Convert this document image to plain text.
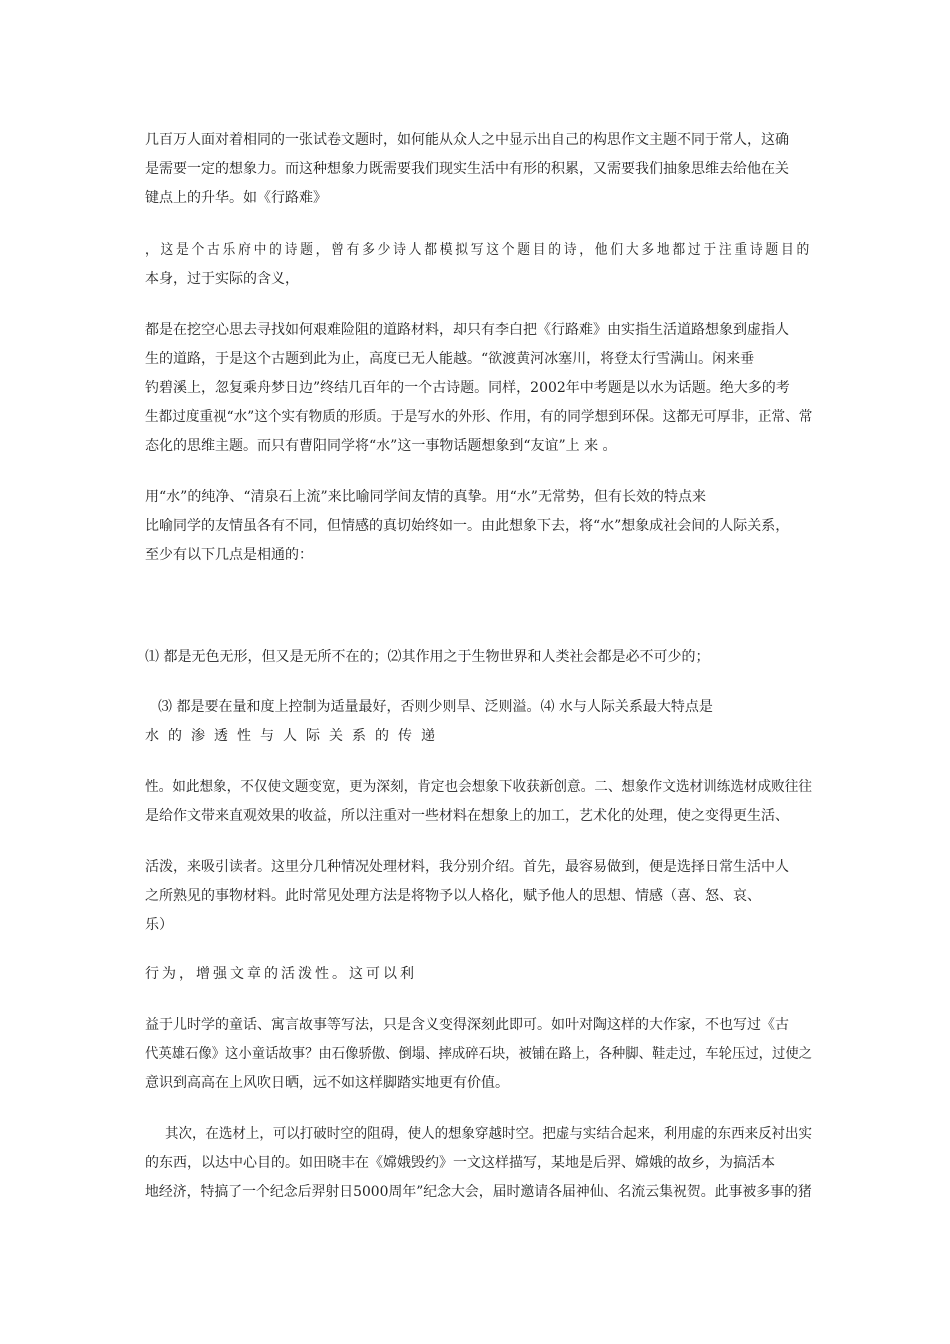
几百万人面对着相同的一张试卷文题时，如何能从众人之中显示出自己的构思作文主题不同于常人，这确
是需要一定的想象力。而这种想象力既需要我们现实生活中有形的积累，又需要我们抽象思维去给他在关
键点上的升华。如《行路难》
，这是个古乐府中的诗题，曾有多少诗人都模拟写这个题目的诗，他们大多地都过于注重诗题目的
本身，过于实际的含义，
都是在挖空心思去寻找如何艰难险阻的道路材料，却只有李白把《行路难》由实指生活道路想象到虚指人
生的道路，于是这个古题到此为止，高度已无人能越。“欲渡黄河冰塞川，将登太行雪满山。闲来垂
钓碧溪上，忽复乘舟梦日边”终结几百年的一个古诗题。同样，2002年中考题是以水为话题。绝大多的考
生都过度重视“水”这个实有物质的形质。于是写水的外形、作用，有的同学想到环保。这都无可厚非，正常、常
态化的思维主题。而只有曹阳同学将“水”这一事物话题想象到“友谊”上 来 。
用“水”的纯净、“清泉石上流”来比喻同学间友情的真挚。用“水”无常势，但有长效的特点来
比喻同学的友情虽各有不同，但情感的真切始终如一。由此想象下去，将“水”想象成社会间的人际关系，
至少有以下几点是相通的：
⑴ 都是无色无形，但又是无所不在的；⑵其作用之于生物世界和人类社会都是必不可少的；
⑶ 都是要在量和度上控制为适量最好，否则少则旱、泛则溢。⑷ 水与人际关系最大特点是
水的渗透性与人际关系的传递
性。如此想象，不仅使文题变宽，更为深刻，肯定也会想象下收获新创意。二、想象作文选材训练选材成败往往
是给作文带来直观效果的收益，所以注重对一些材料在想象上的加工，艺术化的处理，使之变得更生活、
活泼，来吸引读者。这里分几种情况处理材料，我分别介绍。首先，最容易做到，便是选择日常生活中人
之所熟见的事物材料。此时常见处理方法是将物予以人格化，赋予他人的思想、情感（喜、怒、哀、
乐）
行为，增强文章的活泼性。这可以利
益于儿时学的童话、寓言故事等写法，只是含义变得深刻此即可。如叶对陶这样的大作家，不也写过《古
代英雄石像》这小童话故事？由石像骄傲、倒塌、摔成碎石块，被铺在路上，各种脚、鞋走过，车轮压过，过使之
意识到高高在上风吹日晒，远不如这样脚踏实地更有价值。
其次，在选材上，可以打破时空的阻碍，使人的想象穿越时空。把虚与实结合起来，利用虚的东西来反衬出实
的东西，以达中心目的。如田晓丰在《嫦娥毁约》一文这样描写，某地是后羿、嫦娥的故乡，为搞活本
地经济，特搞了一个纪念后羿射日5000周年”纪念大会，届时邀请各届神仙、名流云集祝贺。此事被多事的猪
